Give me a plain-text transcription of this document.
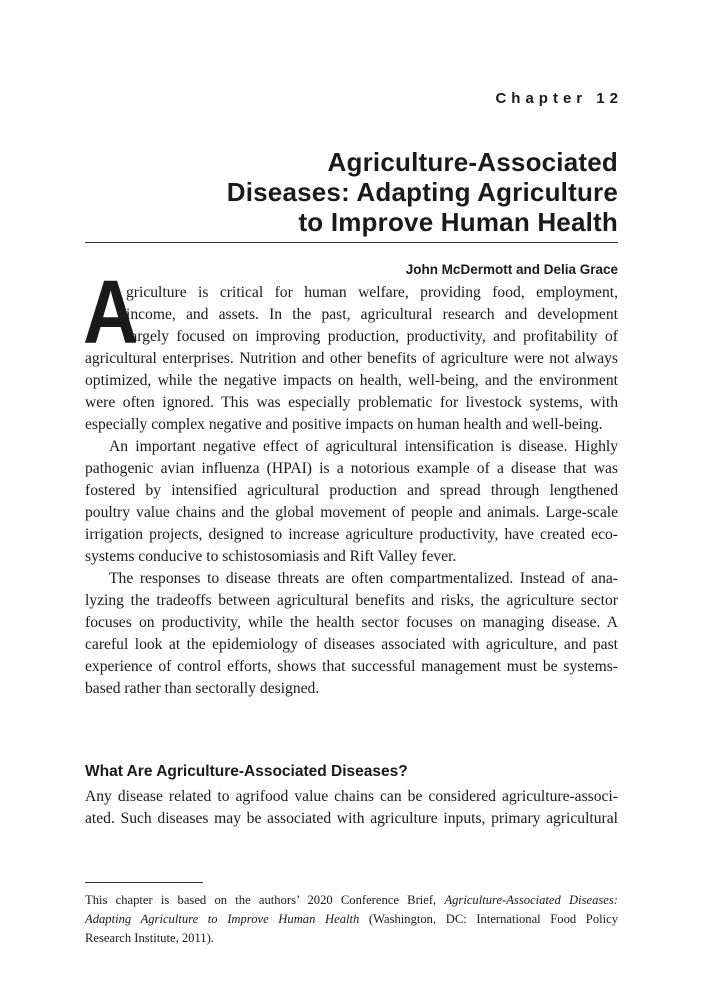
Chapter 12
Agriculture-Associated
Diseases: Adapting Agriculture
to Improve Human Health
John McDermott and Delia Grace
A
griculture is critical for human welfare, providing food, employment,
income, and assets. In the past, agricultural research and development
largely focused on improving production, productivity, and profitability of
agricultural enterprises. Nutrition and other benefits of agriculture were not always
optimized, while the negative impacts on health, well-being, and the environment
were often ignored. This was especially problematic for livestock systems, with
especially complex negative and positive impacts on human health and well-being.
An important negative effect of agricultural intensification is disease. Highly
pathogenic avian influenza (HPAI) is a notorious example of a disease that was
fostered by intensified agricultural production and spread through lengthened
poultry value chains and the global movement of people and animals. Large-scale
irrigation projects, designed to increase agriculture productivity, have created eco-
systems conducive to schistosomiasis and Rift Valley fever.
The responses to disease threats are often compartmentalized. Instead of ana-
lyzing the tradeoffs between agricultural benefits and risks, the agriculture sector
focuses on productivity, while the health sector focuses on managing disease. A
careful look at the epidemiology of diseases associated with agriculture, and past
experience of control efforts, shows that successful management must be systems-
based rather than sectorally designed.
What Are Agriculture-Associated Diseases?
Any disease related to agrifood value chains can be considered agriculture-associ-
ated. Such diseases may be associated with agriculture inputs, primary agricultural
This chapter is based on the authors’ 2020 Conference Brief, Agriculture-Associated Diseases:
Adapting Agriculture to Improve Human Health (Washington, DC: International Food Policy
Research Institute, 2011).
